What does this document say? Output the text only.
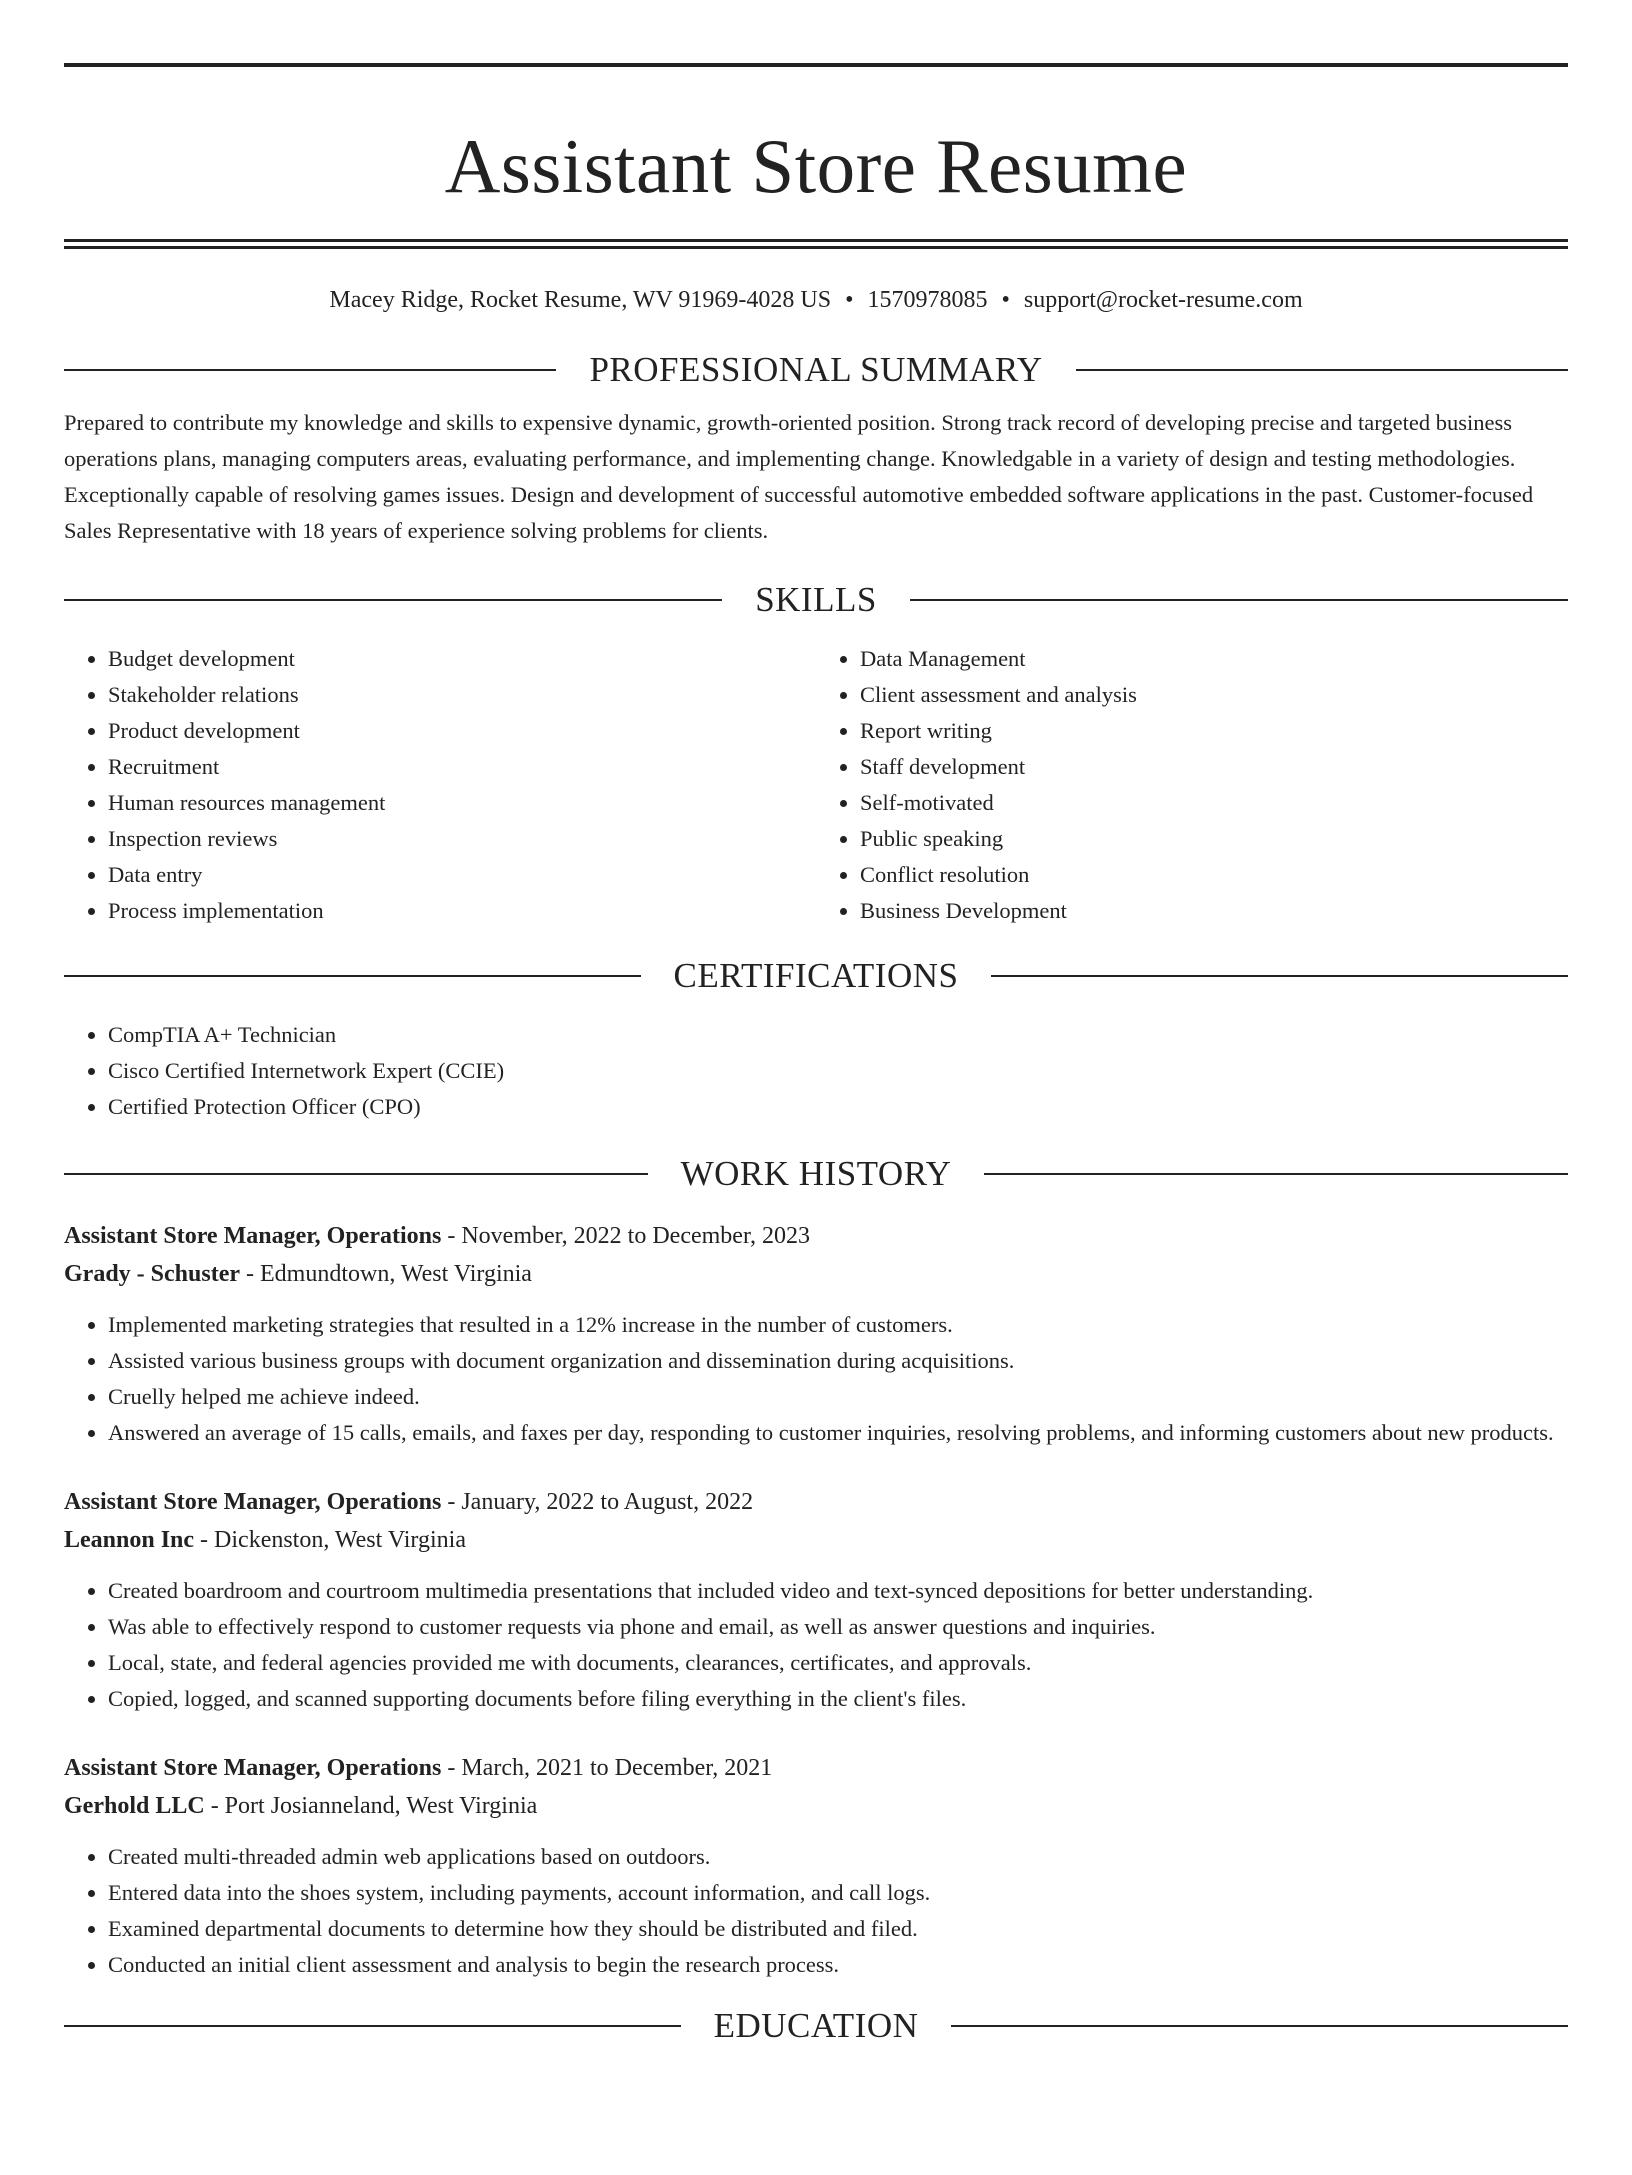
Assistant Store Resume
Macey Ridge, Rocket Resume, WV 91969-4028 US • 1570978085 • support@rocket-resume.com
PROFESSIONAL SUMMARY

Prepared to contribute my knowledge and skills to expensive dynamic, growth-oriented position. Strong track record of developing precise and targeted business operations plans, managing computers areas, evaluating performance, and implementing change. Knowledgable in a variety of design and testing methodologies. Exceptionally capable of resolving games issues. Design and development of successful automotive embedded software applications in the past. Customer-focused Sales Representative with 18 years of experience solving problems for clients.

SKILLS
• Budget development
• Stakeholder relations
• Product development
• Recruitment
• Human resources management
• Inspection reviews
• Data entry
• Process implementation
• Data Management
• Client assessment and analysis
• Report writing
• Staff development
• Self-motivated
• Public speaking
• Conflict resolution
• Business Development
CERTIFICATIONS
• CompTIA A+ Technician
• Cisco Certified Internetwork Expert (CCIE)
• Certified Protection Officer (CPO)
WORK HISTORY
Assistant Store Manager, Operations - November, 2022 to December, 2023
Grady - Schuster - Edmundtown, West Virginia
• Implemented marketing strategies that resulted in a 12% increase in the number of customers.
• Assisted various business groups with document organization and dissemination during acquisitions.
• Cruelly helped me achieve indeed.
• Answered an average of 15 calls, emails, and faxes per day, responding to customer inquiries, resolving problems, and informing customers about new products.
Assistant Store Manager, Operations - January, 2022 to August, 2022
Leannon Inc - Dickenston, West Virginia
• Created boardroom and courtroom multimedia presentations that included video and text-synced depositions for better understanding.
• Was able to effectively respond to customer requests via phone and email, as well as answer questions and inquiries.
• Local, state, and federal agencies provided me with documents, clearances, certificates, and approvals.
• Copied, logged, and scanned supporting documents before filing everything in the client's files.
Assistant Store Manager, Operations - March, 2021 to December, 2021
Gerhold LLC - Port Josianneland, West Virginia
• Created multi-threaded admin web applications based on outdoors.
• Entered data into the shoes system, including payments, account information, and call logs.
• Examined departmental documents to determine how they should be distributed and filed.
• Conducted an initial client assessment and analysis to begin the research process.
EDUCATION
